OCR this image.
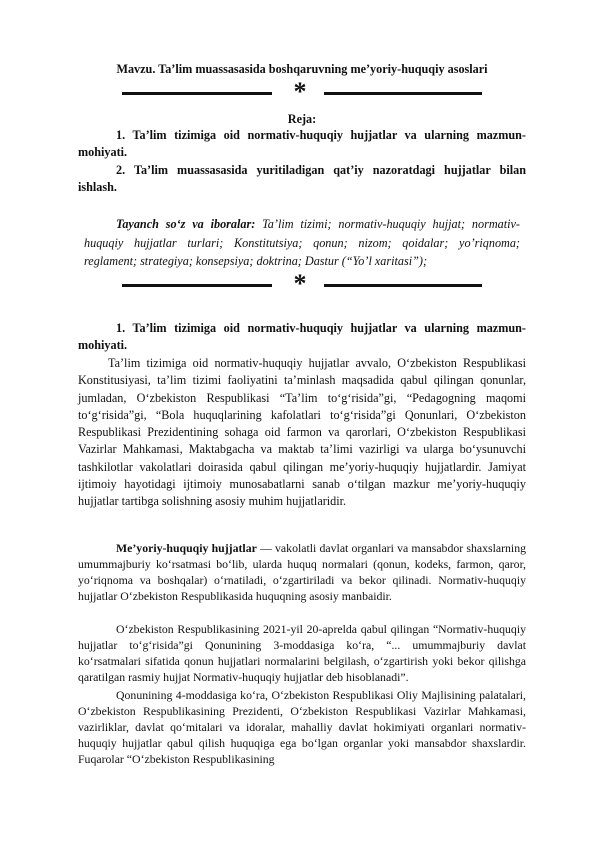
Mavzu. Ta’lim muassasasida boshqaruvning me’yoriy-huquqiy asoslari
*
Reja:

1. Ta’lim tizimiga oid normativ-huquqiy hujjatlar va ularning mazmun-mohiyati.

2. Ta’lim muassasasida yuritiladigan qat’iy nazoratdagi hujjatlar bilan ishlash.

Tayanch so‘z va iboralar: Ta’lim tizimi; normativ-huquqiy hujjat; normativ-huquqiy hujjatlar turlari; Konstitutsiya; qonun; nizom; qoidalar; yo’riqnoma; reglament; strategiya; konsepsiya; doktrina; Dastur (“Yo’l xaritasi”);

*

1. Ta’lim tizimiga oid normativ-huquqiy hujjatlar va ularning mazmun-mohiyati.

Ta’lim tizimiga oid normativ-huquqiy hujjatlar avvalo, O‘zbekiston Respublikasi Konstitusiyasi, ta’lim tizimi faoliyatini ta’minlash maqsadida qabul qilingan qonunlar, jumladan, O‘zbekiston Respublikasi “Ta’lim to‘g‘risida”gi, “Pedagogning maqomi to‘g‘risida”gi, “Bola huquqlarining kafolatlari to‘g‘risida”gi Qonunlari, O‘zbekiston Respublikasi Prezidentining sohaga oid farmon va qarorlari, O‘zbekiston Respublikasi Vazirlar Mahkamasi, Maktabgacha va maktab ta’limi vazirligi va ularga bo‘ysunuvchi tashkilotlar vakolatlari doirasida qabul qilingan me’yoriy-huquqiy hujjatlardir. Jamiyat ijtimoiy hayotidagi ijtimoiy munosabatlarni sanab o‘tilgan mazkur me’yoriy-huquqiy hujjatlar tartibga solishning asosiy muhim hujjatlaridir.

Me’yoriy-huquqiy hujjatlar — vakolatli davlat organlari va mansabdor shaxslarning umummajburiy ko‘rsatmasi bo‘lib, ularda huquq normalari (qonun, kodeks, farmon, qaror, yo‘riqnoma va boshqalar) o‘rnatiladi, o‘zgartiriladi va bekor qilinadi. Normativ-huquqiy hujjatlar O‘zbekiston Respublikasida huquqning asosiy manbaidir.

O‘zbekiston Respublikasining 2021-yil 20-aprelda qabul qilingan “Normativ-huquqiy hujjatlar to‘g‘risida”gi Qonunining 3-moddasiga ko‘ra, “... umummajburiy davlat ko‘rsatmalari sifatida qonun hujjatlari normalarini belgilash, o‘zgartirish yoki bekor qilishga qaratilgan rasmiy hujjat Normativ-huquqiy hujjatlar deb hisoblanadi”.

Qonunining 4-moddasiga ko‘ra, O‘zbekiston Respublikasi Oliy Majlisining palatalari, O‘zbekiston Respublikasining Prezidenti, O‘zbekiston Respublikasi Vazirlar Mahkamasi, vazirliklar, davlat qo‘mitalari va idoralar, mahalliy davlat hokimiyati organlari normativ-huquqiy hujjatlar qabul qilish huquqiga ega bo‘lgan organlar yoki mansabdor shaxslardir. Fuqarolar “O‘zbekiston Respublikasining
